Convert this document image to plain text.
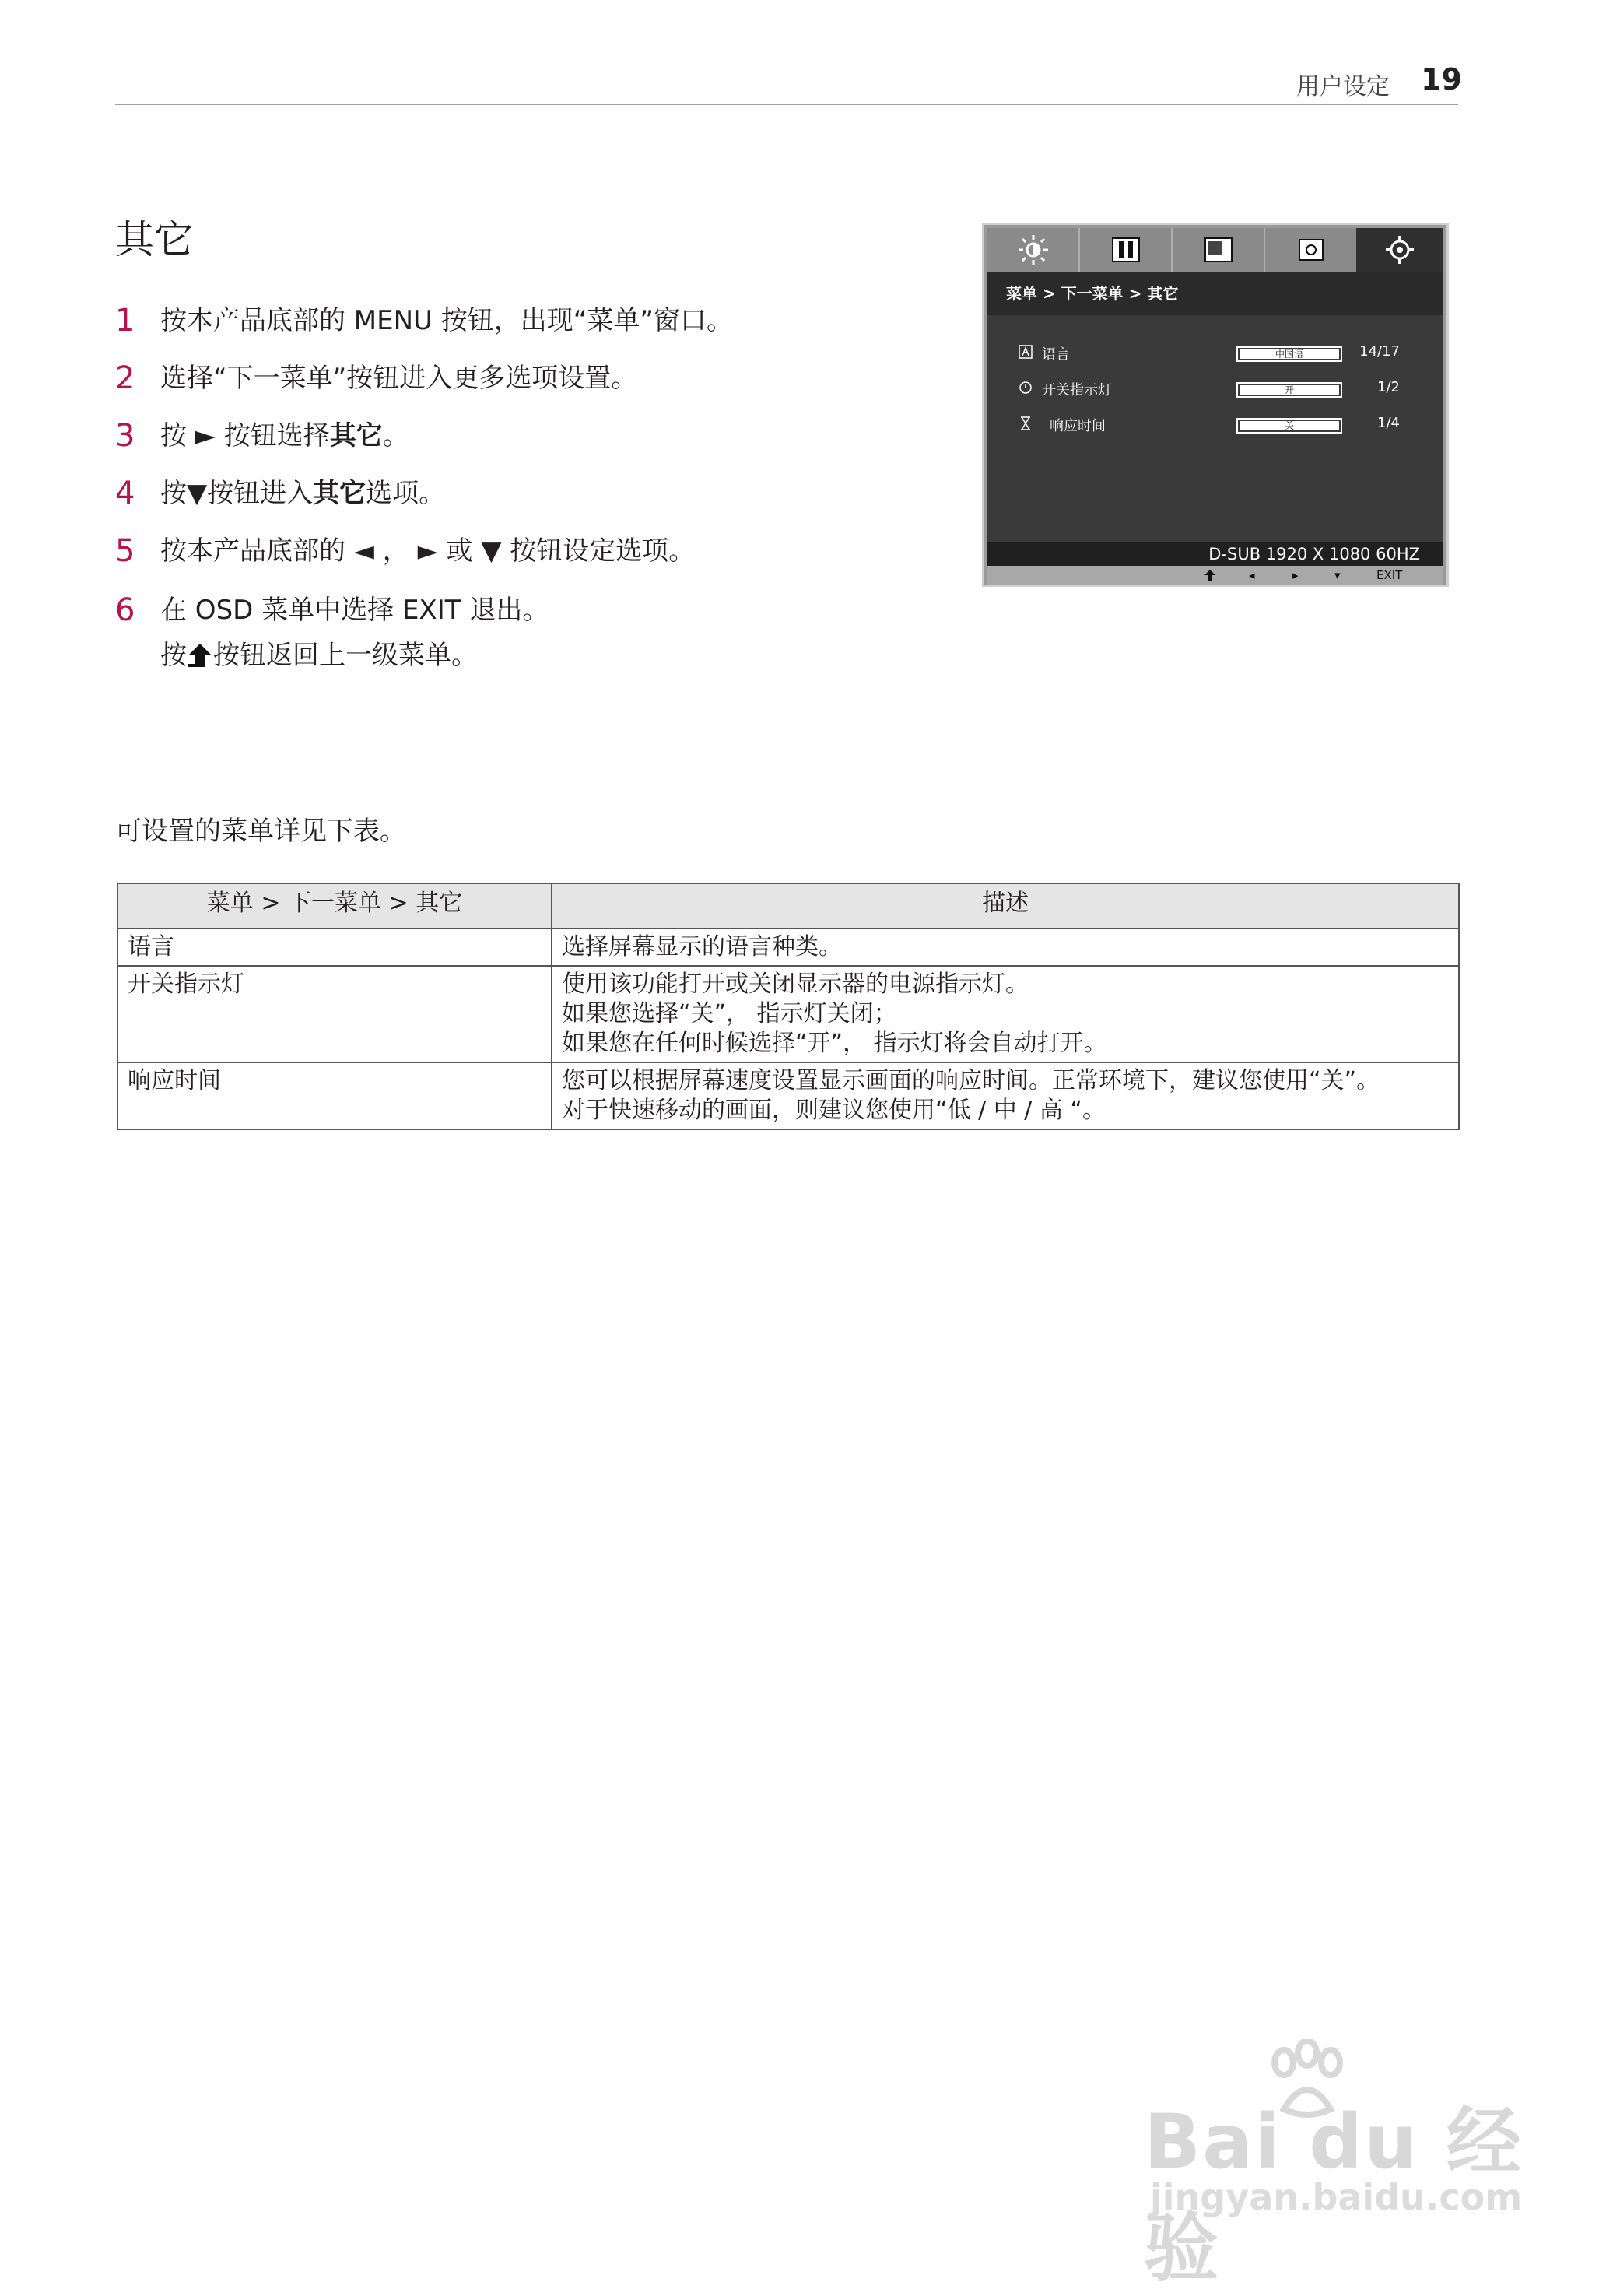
用户设定 19
其它
1 按本产品底部的 MENU 按钮，出现“菜单”窗口。
2 选择“下一菜单”按钮进入更多选项设置。
3 按 ► 按钮选择其它。
4 按▼按钮进入其它选项。
5 按本产品底部的 ◄ ， ► 或 ▼ 按钮设定选项。
6 在 OSD 菜单中选择 EXIT 退出。
按 按钮返回上一级菜单。
菜单 > 下一菜单 > 其它
语言	中国语	14/17
开关指示灯	开	1/2
响应时间	关	1/4
D-SUB 1920 X 1080 60HZ
◂	▸	▾	EXIT
可设置的菜单详见下表。
菜单 > 下一菜单 > 其它	描述
语言	选择屏幕显示的语言种类。

开关指示灯	使用该功能打开或关闭显示器的电源指示灯。
如果您选择“关”， 指示灯关闭；
如果您在任何时候选择“开”， 指示灯将会自动打开。

响应时间	您可以根据屏幕速度设置显示画面的响应时间。正常环境下，建议您使用“关”。
对于快速移动的画面，则建议您使用“低 / 中 / 高 “。
Bai du 经验
jingyan.baidu.com
